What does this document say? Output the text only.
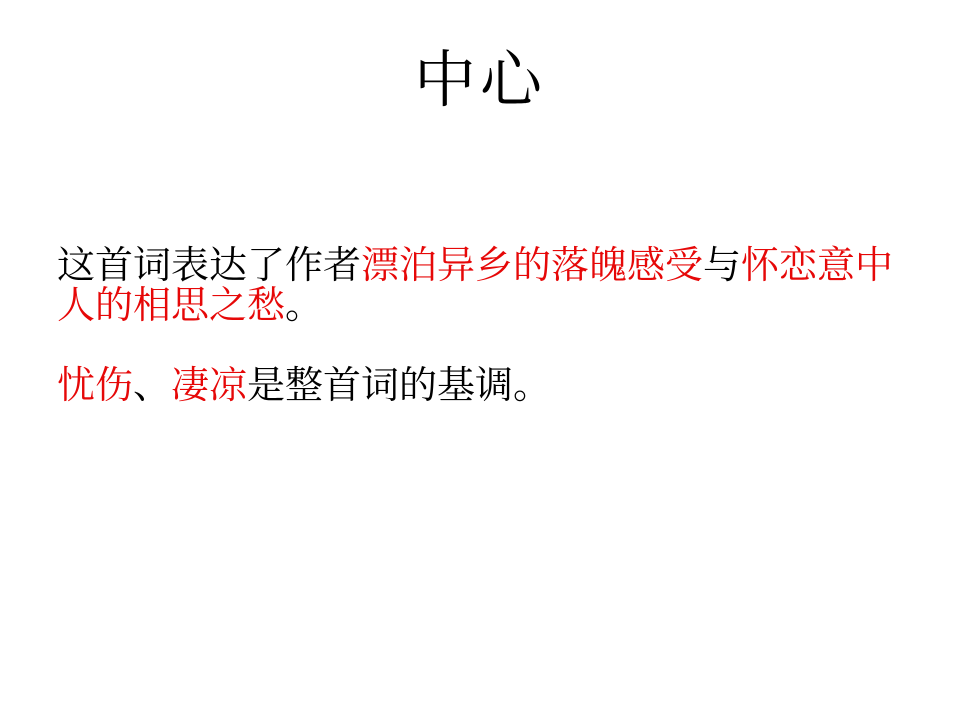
中心

这首词表达了作者漂泊异乡的落魄感受与怀恋意中
人的相思之愁。

忧伤、凄凉是整首词的基调。
